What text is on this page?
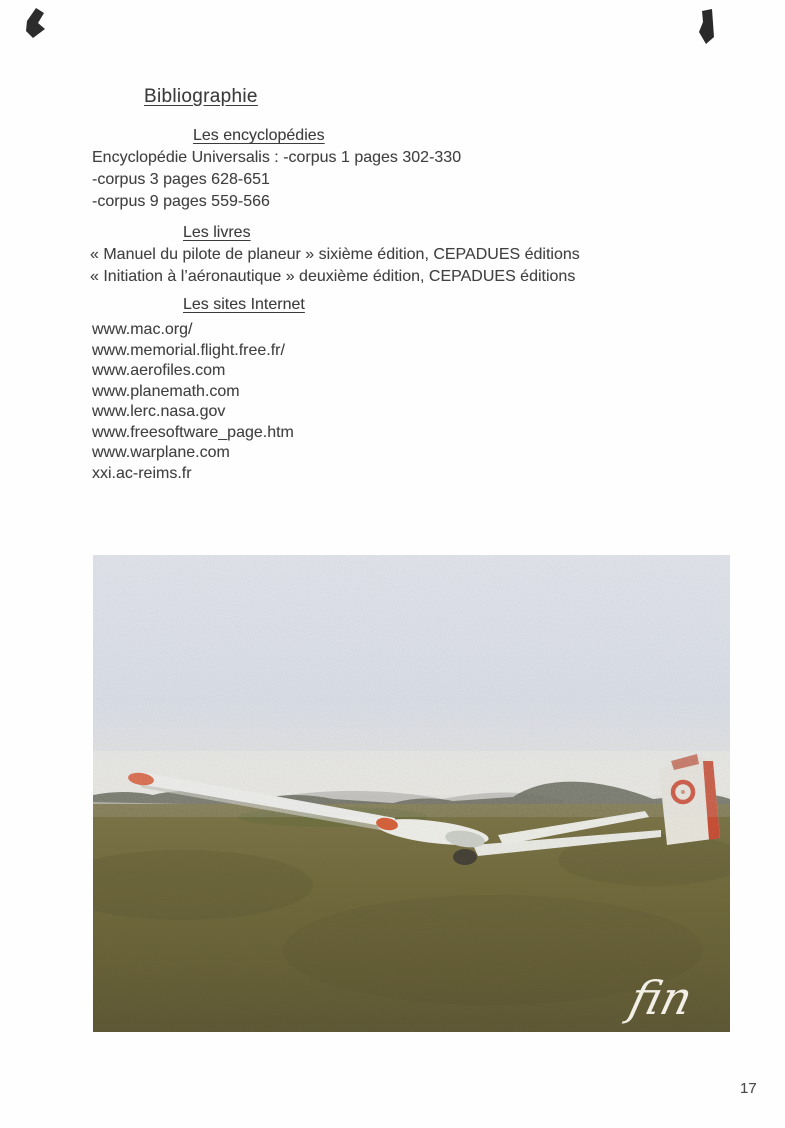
Bibliographie
Les encyclopédies
Encyclopédie Universalis : -corpus 1 pages 302-330
-corpus 3 pages 628-651
-corpus 9 pages 559-566
Les livres
« Manuel du pilote de planeur » sixième édition, CEPADUES éditions
« Initiation à l’aéronautique » deuxième édition, CEPADUES éditions
Les sites Internet
www.mac.org/
www.memorial.flight.free.fr/
www.aerofiles.com
www.planemath.com
www.lerc.nasa.gov
www.freesoftware_page.htm
www.warplane.com
xxi.ac-reims.fr
fin
17
